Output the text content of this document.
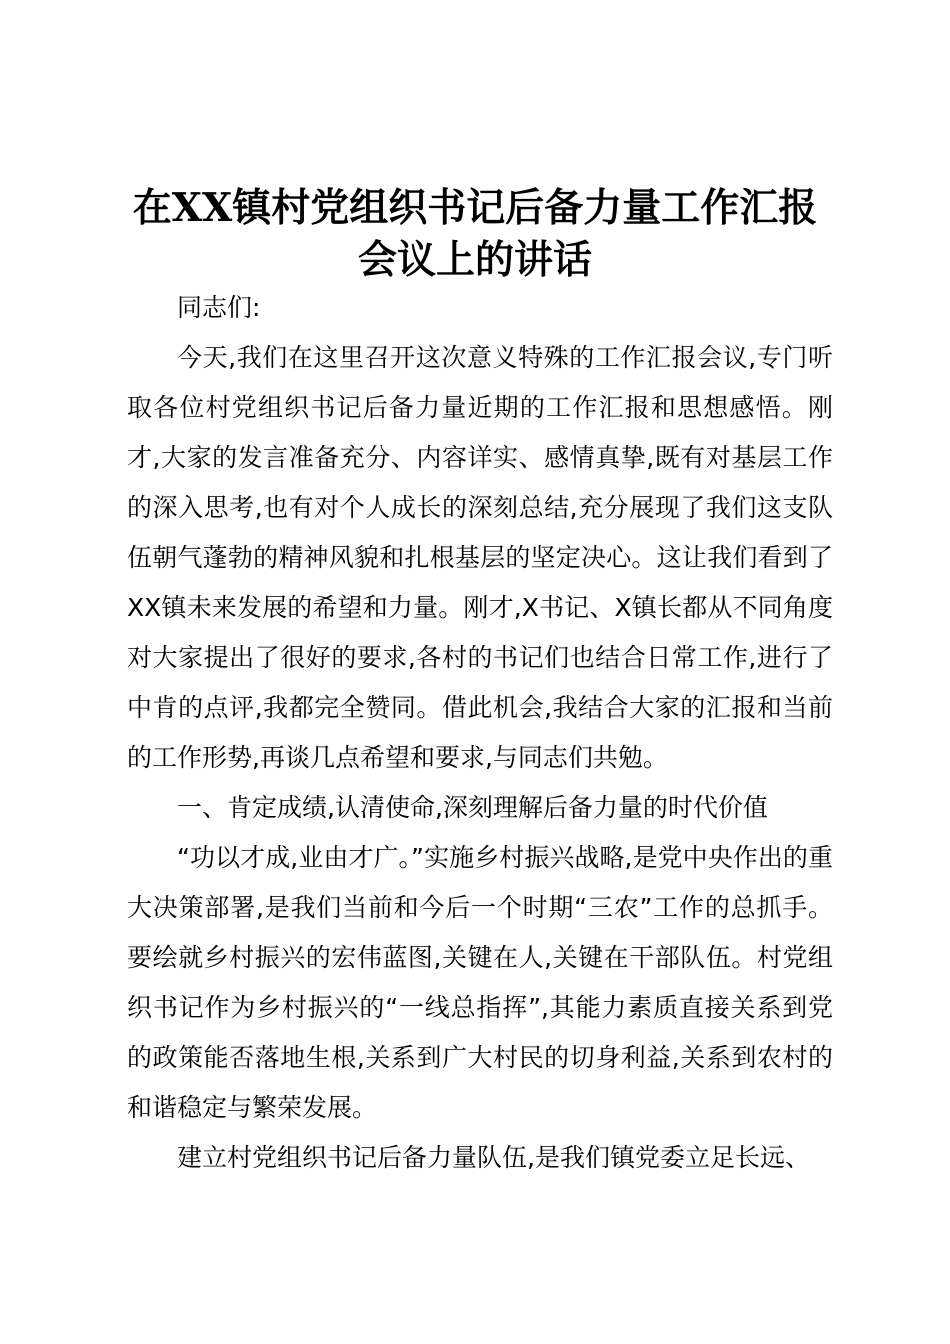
在XX镇村党组织书记后备力量工作汇报会议上的讲话

同志们:

今天,我们在这里召开这次意义特殊的工作汇报会议,专门听取各位村党组织书记后备力量近期的工作汇报和思想感悟。刚才,大家的发言准备充分、内容详实、感情真挚,既有对基层工作的深入思考,也有对个人成长的深刻总结,充分展现了我们这支队伍朝气蓬勃的精神风貌和扎根基层的坚定决心。这让我们看到了XX镇未来发展的希望和力量。刚才,X书记、X镇长都从不同角度对大家提出了很好的要求,各村的书记们也结合日常工作,进行了中肯的点评,我都完全赞同。借此机会,我结合大家的汇报和当前的工作形势,再谈几点希望和要求,与同志们共勉。

一、肯定成绩,认清使命,深刻理解后备力量的时代价值

“功以才成,业由才广。”实施乡村振兴战略,是党中央作出的重大决策部署,是我们当前和今后一个时期“三农”工作的总抓手。要绘就乡村振兴的宏伟蓝图,关键在人,关键在干部队伍。村党组织书记作为乡村振兴的“一线总指挥”,其能力素质直接关系到党的政策能否落地生根,关系到广大村民的切身利益,关系到农村的和谐稳定与繁荣发展。

建立村党组织书记后备力量队伍,是我们镇党委立足长远、
